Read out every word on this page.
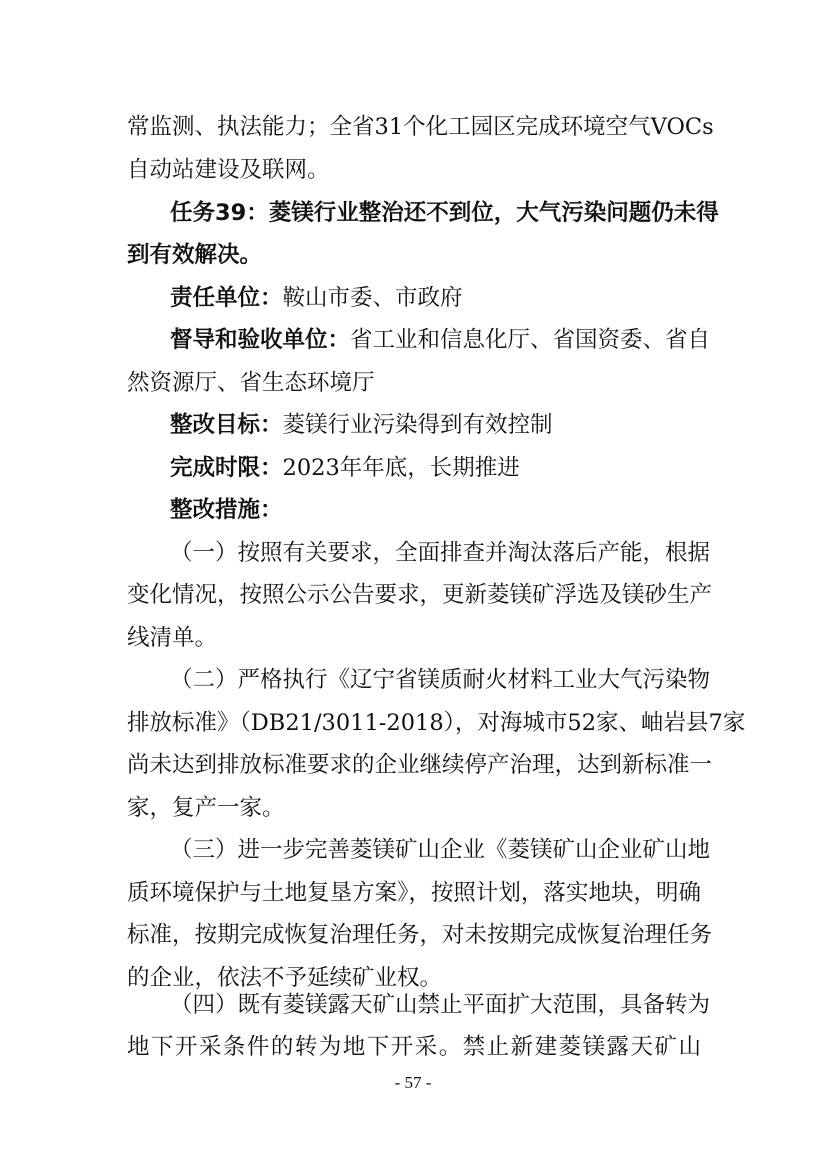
常监测、执法能力；全省31个化工园区完成环境空气VOCs
自动站建设及联网。
任务39：菱镁行业整治还不到位，大气污染问题仍未得
到有效解决。
责任单位：鞍山市委、市政府
督导和验收单位：省工业和信息化厅、省国资委、省自
然资源厅、省生态环境厅
整改目标：菱镁行业污染得到有效控制
完成时限：2023年年底，长期推进
整改措施：
（一）按照有关要求，全面排查并淘汰落后产能，根据
变化情况，按照公示公告要求，更新菱镁矿浮选及镁砂生产
线清单。
（二）严格执行《辽宁省镁质耐火材料工业大气污染物
排放标准》（DB21/3011-2018），对海城市52家、岫岩县7家
尚未达到排放标准要求的企业继续停产治理，达到新标准一
家，复产一家。
（三）进一步完善菱镁矿山企业《菱镁矿山企业矿山地
质环境保护与土地复垦方案》，按照计划，落实地块，明确
标准，按期完成恢复治理任务，对未按期完成恢复治理任务
的企业，依法不予延续矿业权。
（四）既有菱镁露天矿山禁止平面扩大范围，具备转为
地下开采条件的转为地下开采。禁止新建菱镁露天矿山
- 57 -
